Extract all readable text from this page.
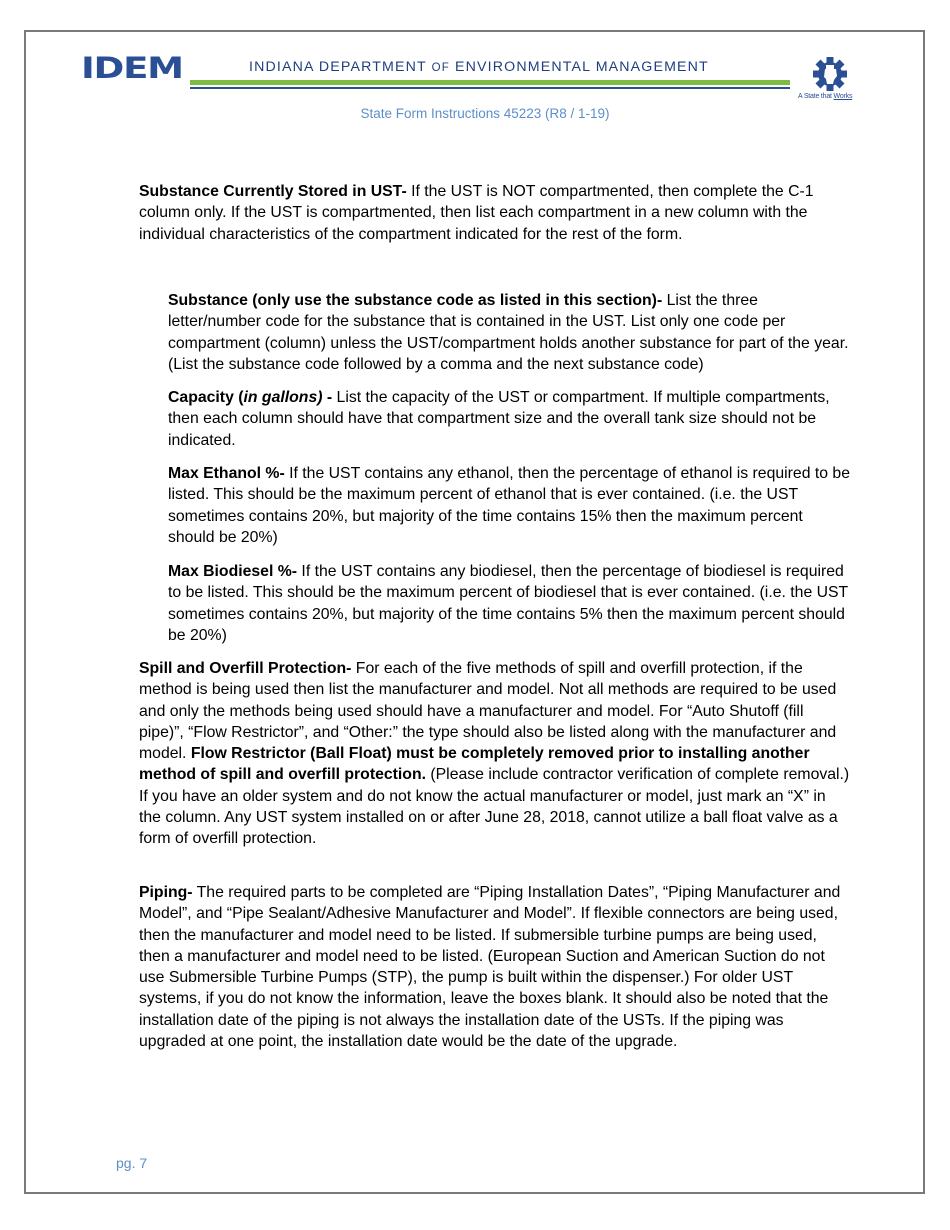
IDEM	INDIANA DEPARTMENT OF ENVIRONMENTAL MANAGEMENT
A State that Works
State Form Instructions 45223 (R8 / 1-19)

Substance Currently Stored in UST- If the UST is NOT compartmented, then complete the C-1 column only. If the UST is compartmented, then list each compartment in a new column with the individual characteristics of the compartment indicated for the rest of the form.

Substance (only use the substance code as listed in this section)- List the three letter/number code for the substance that is contained in the UST. List only one code per compartment (column) unless the UST/compartment holds another substance for part of the year. (List the substance code followed by a comma and the next substance code)

Capacity (in gallons) - List the capacity of the UST or compartment. If multiple compartments, then each column should have that compartment size and the overall tank size should not be indicated.

Max Ethanol %- If the UST contains any ethanol, then the percentage of ethanol is required to be listed. This should be the maximum percent of ethanol that is ever contained. (i.e. the UST sometimes contains 20%, but majority of the time contains 15% then the maximum percent should be 20%)

Max Biodiesel %- If the UST contains any biodiesel, then the percentage of biodiesel is required to be listed. This should be the maximum percent of biodiesel that is ever contained. (i.e. the UST sometimes contains 20%, but majority of the time contains 5% then the maximum percent should be 20%)

Spill and Overfill Protection- For each of the five methods of spill and overfill protection, if the method is being used then list the manufacturer and model. Not all methods are required to be used and only the methods being used should have a manufacturer and model. For “Auto Shutoff (fill pipe)”, “Flow Restrictor”, and “Other:” the type should also be listed along with the manufacturer and model. Flow Restrictor (Ball Float) must be completely removed prior to installing another method of spill and overfill protection. (Please include contractor verification of complete removal.) If you have an older system and do not know the actual manufacturer or model, just mark an “X” in the column. Any UST system installed on or after June 28, 2018, cannot utilize a ball float valve as a form of overfill protection.

Piping- The required parts to be completed are “Piping Installation Dates”, “Piping Manufacturer and Model”, and “Pipe Sealant/Adhesive Manufacturer and Model”. If flexible connectors are being used, then the manufacturer and model need to be listed. If submersible turbine pumps are being used, then a manufacturer and model need to be listed. (European Suction and American Suction do not use Submersible Turbine Pumps (STP), the pump is built within the dispenser.) For older UST systems, if you do not know the information, leave the boxes blank. It should also be noted that the installation date of the piping is not always the installation date of the USTs. If the piping was upgraded at one point, the installation date would be the date of the upgrade.

pg. 7
